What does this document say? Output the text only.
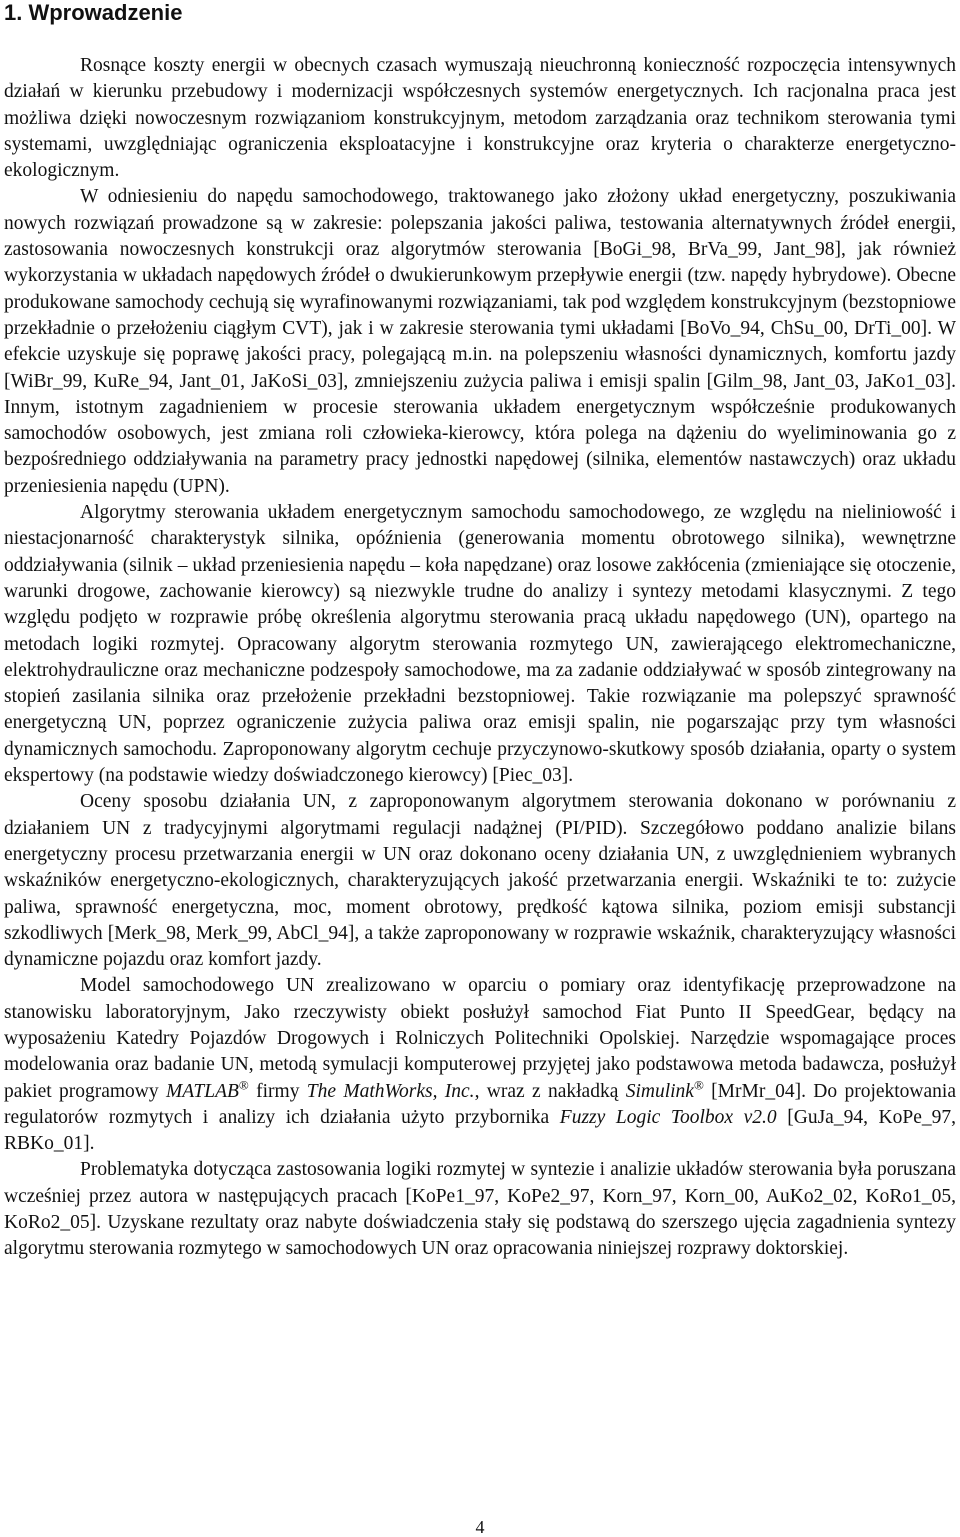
1. Wprowadzenie

Rosnące koszty energii w obecnych czasach wymuszają nieuchronną konieczność rozpoczęcia intensywnych działań w kierunku przebudowy i modernizacji współczesnych systemów energetycznych. Ich racjonalna praca jest możliwa dzięki nowoczesnym rozwiązaniom konstrukcyjnym, metodom zarządzania oraz technikom sterowania tymi systemami, uwzględniając ograniczenia eksploatacyjne i konstrukcyjne oraz kryteria o charakterze energetyczno-ekologicznym.

W odniesieniu do napędu samochodowego, traktowanego jako złożony układ energetyczny, poszukiwania nowych rozwiązań prowadzone są w zakresie: polepszania jakości paliwa, testowania alternatywnych źródeł energii, zastosowania nowoczesnych konstrukcji oraz algorytmów sterowania [BoGi_98, BrVa_99, Jant_98], jak również wykorzystania w układach napędowych źródeł o dwukierunkowym przepływie energii (tzw. napędy hybrydowe). Obecne produkowane samochody cechują się wyrafinowanymi rozwiązaniami, tak pod względem konstrukcyjnym (bezstopniowe przekładnie o przełożeniu ciągłym CVT), jak i w zakresie sterowania tymi układami [BoVo_94, ChSu_00, DrTi_00]. W efekcie uzyskuje się poprawę jakości pracy, polegającą m.in. na polepszeniu własności dynamicznych, komfortu jazdy [WiBr_99, KuRe_94, Jant_01, JaKoSi_03], zmniejszeniu zużycia paliwa i emisji spalin [Gilm_98, Jant_03, JaKo1_03]. Innym, istotnym zagadnieniem w procesie sterowania układem energetycznym współcześnie produkowanych samochodów osobowych, jest zmiana roli człowieka-kierowcy, która polega na dążeniu do wyeliminowania go z bezpośredniego oddziaływania na parametry pracy jednostki napędowej (silnika, elementów nastawczych) oraz układu przeniesienia napędu (UPN).

Algorytmy sterowania układem energetycznym samochodu samochodowego, ze względu na nieliniowość i niestacjonarność charakterystyk silnika, opóźnienia (generowania momentu obrotowego silnika), wewnętrzne oddziaływania (silnik – układ przeniesienia napędu – koła napędzane) oraz losowe zakłócenia (zmieniające się otoczenie, warunki drogowe, zachowanie kierowcy) są niezwykle trudne do analizy i syntezy metodami klasycznymi. Z tego względu podjęto w rozprawie próbę określenia algorytmu sterowania pracą układu napędowego (UN), opartego na metodach logiki rozmytej. Opracowany algorytm sterowania rozmytego UN, zawierającego elektromechaniczne, elektrohydrauliczne oraz mechaniczne podzespoły samochodowe, ma za zadanie oddziaływać w sposób zintegrowany na stopień zasilania silnika oraz przełożenie przekładni bezstopniowej. Takie rozwiązanie ma polepszyć sprawność energetyczną UN, poprzez ograniczenie zużycia paliwa oraz emisji spalin, nie pogarszając przy tym własności dynamicznych samochodu. Zaproponowany algorytm cechuje przyczynowo-skutkowy sposób działania, oparty o system ekspertowy (na podstawie wiedzy doświadczonego kierowcy) [Piec_03].

Oceny sposobu działania UN, z zaproponowanym algorytmem sterowania dokonano w porównaniu z działaniem UN z tradycyjnymi algorytmami regulacji nadążnej (PI/PID). Szczegółowo poddano analizie bilans energetyczny procesu przetwarzania energii w UN oraz dokonano oceny działania UN, z uwzględnieniem wybranych wskaźników energetyczno-ekologicznych, charakteryzujących jakość przetwarzania energii. Wskaźniki te to: zużycie paliwa, sprawność energetyczna, moc, moment obrotowy, prędkość kątowa silnika, poziom emisji substancji szkodliwych [Merk_98, Merk_99, AbCl_94], a także zaproponowany w rozprawie wskaźnik, charakteryzujący własności dynamiczne pojazdu oraz komfort jazdy.

Model samochodowego UN zrealizowano w oparciu o pomiary oraz identyfikację przeprowadzone na stanowisku laboratoryjnym, Jako rzeczywisty obiekt posłużył samochod Fiat Punto II SpeedGear, będący na wyposażeniu Katedry Pojazdów Drogowych i Rolniczych Politechniki Opolskiej. Narzędzie wspomagające proces modelowania oraz badanie UN, metodą symulacji komputerowej przyjętej jako podstawowa metoda badawcza, posłużył pakiet programowy MATLAB® firmy The MathWorks, Inc., wraz z nakładką Simulink® [MrMr_04]. Do projektowania regulatorów rozmytych i analizy ich działania użyto przybornika Fuzzy Logic Toolbox v2.0 [GuJa_94, KoPe_97, RBKo_01].

Problematyka dotycząca zastosowania logiki rozmytej w syntezie i analizie układów sterowania była poruszana wcześniej przez autora w następujących pracach [KoPe1_97, KoPe2_97, Korn_97, Korn_00, AuKo2_02, KoRo1_05, KoRo2_05]. Uzyskane rezultaty oraz nabyte doświadczenia stały się podstawą do szerszego ujęcia zagadnienia syntezy algorytmu sterowania rozmytego w samochodowych UN oraz opracowania niniejszej rozprawy doktorskiej.

4
